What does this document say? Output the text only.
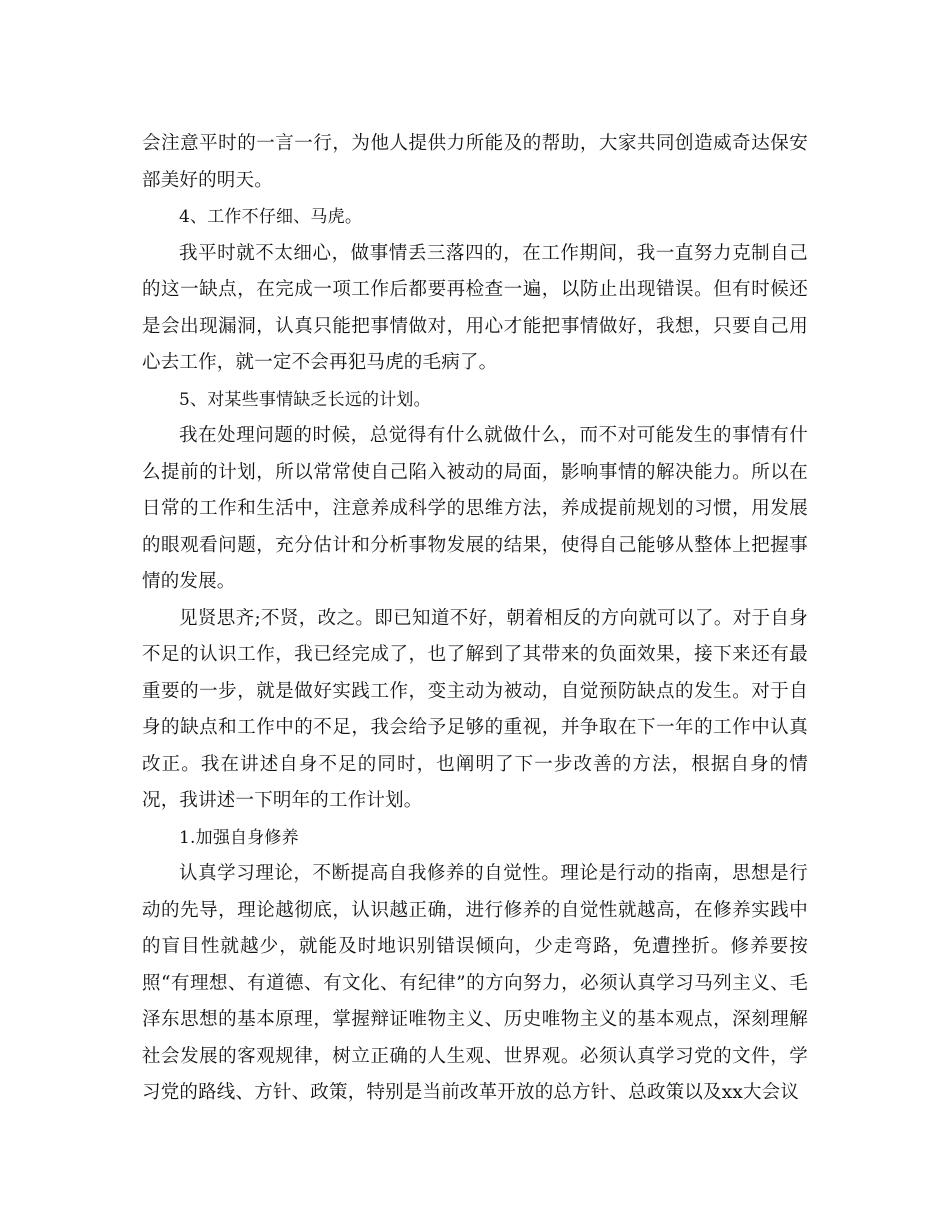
会注意平时的一言一行，为他人提供力所能及的帮助，大家共同创造威奇达保安部美好的明天。

4、工作不仔细、马虎。

我平时就不太细心，做事情丢三落四的，在工作期间，我一直努力克制自己的这一缺点，在完成一项工作后都要再检查一遍，以防止出现错误。但有时候还是会出现漏洞，认真只能把事情做对，用心才能把事情做好，我想，只要自己用心去工作，就一定不会再犯马虎的毛病了。

5、对某些事情缺乏长远的计划。

我在处理问题的时候，总觉得有什么就做什么，而不对可能发生的事情有什么提前的计划，所以常常使自己陷入被动的局面，影响事情的解决能力。所以在日常的工作和生活中，注意养成科学的思维方法，养成提前规划的习惯，用发展的眼观看问题，充分估计和分析事物发展的结果，使得自己能够从整体上把握事情的发展。

见贤思齐;不贤，改之。即已知道不好，朝着相反的方向就可以了。对于自身不足的认识工作，我已经完成了，也了解到了其带来的负面效果，接下来还有最重要的一步，就是做好实践工作，变主动为被动，自觉预防缺点的发生。对于自身的缺点和工作中的不足，我会给予足够的重视，并争取在下一年的工作中认真改正。我在讲述自身不足的同时，也阐明了下一步改善的方法，根据自身的情况，我讲述一下明年的工作计划。

1.加强自身修养

认真学习理论，不断提高自我修养的自觉性。理论是行动的指南，思想是行动的先导，理论越彻底，认识越正确，进行修养的自觉性就越高，在修养实践中的盲目性就越少，就能及时地识别错误倾向，少走弯路，免遭挫折。修养要按照“有理想、有道德、有文化、有纪律”的方向努力，必须认真学习马列主义、毛泽东思想的基本原理，掌握辩证唯物主义、历史唯物主义的基本观点，深刻理解社会发展的客观规律，树立正确的人生观、世界观。必须认真学习党的文件，学习党的路线、方针、政策，特别是当前改革开放的总方针、总政策以及xx大会议
